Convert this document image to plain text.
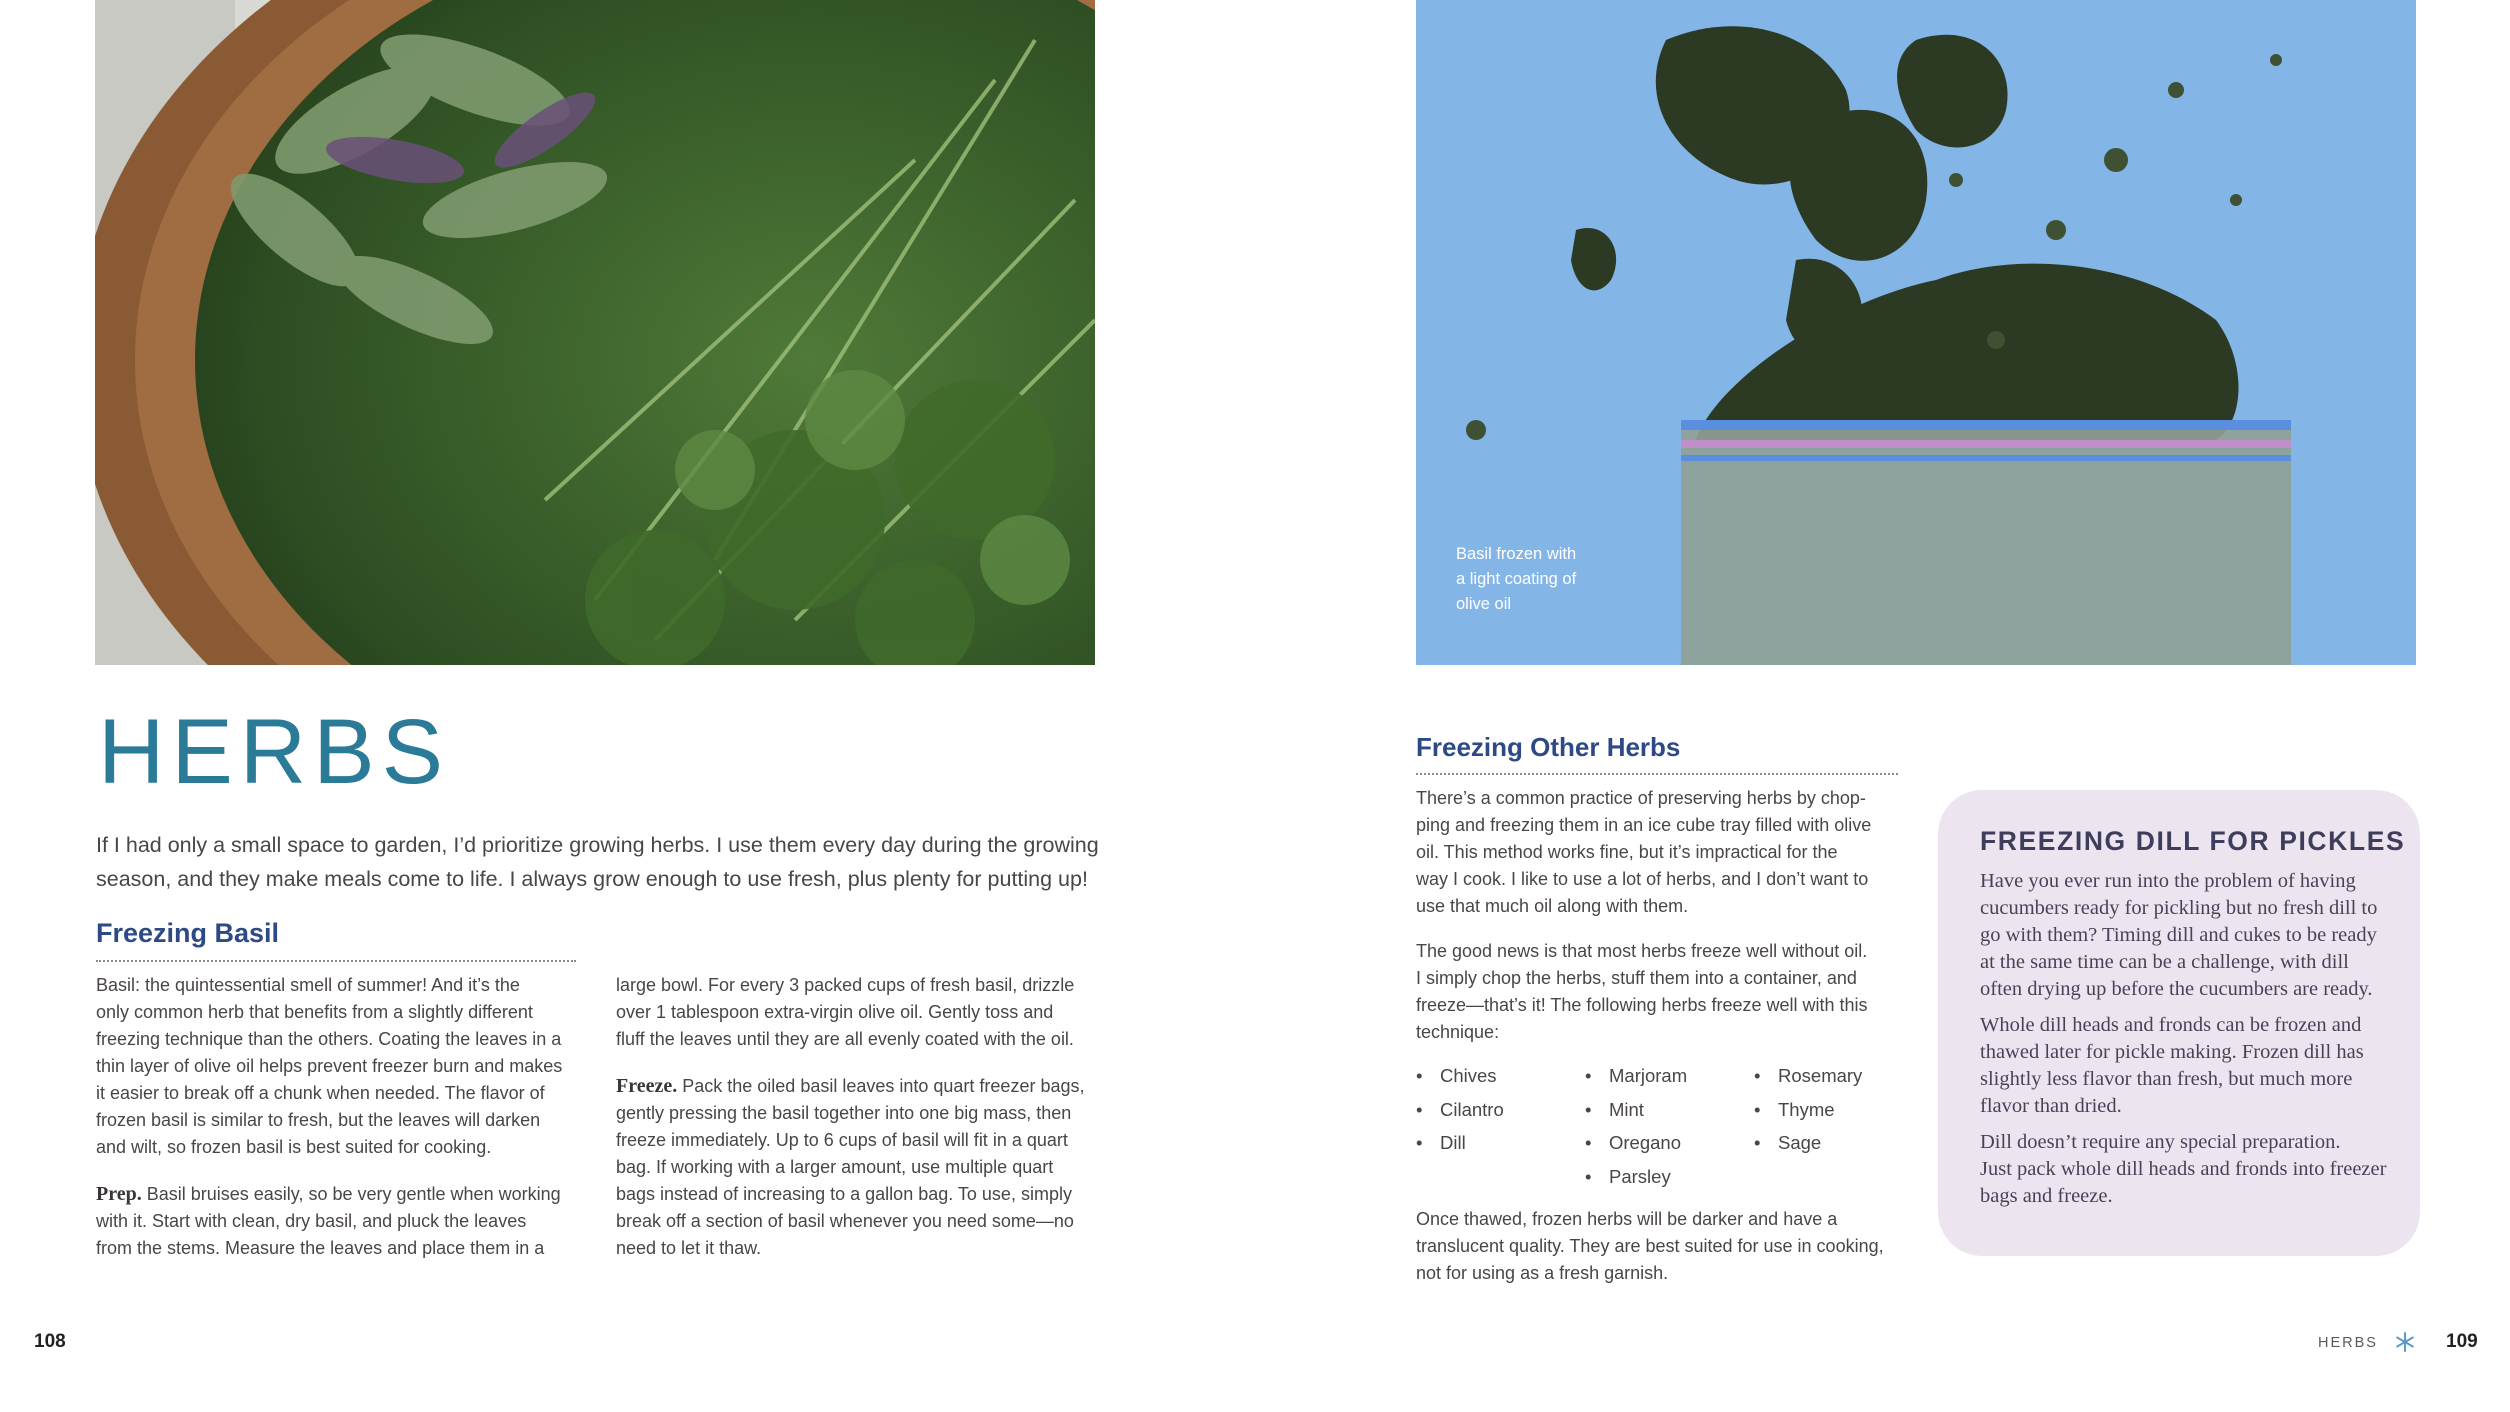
Basil frozen with
a light coating of
olive oil
HERBS
If I had only a small space to garden, I’d prioritize growing herbs. I use them every day during the growing
season, and they make meals come to life. I always grow enough to use fresh, plus plenty for putting up!
Freezing Basil
Basil: the quintessential smell of summer! And it’s the
only common herb that benefits from a slightly different
freezing technique than the others. Coating the leaves in a
thin layer of olive oil helps prevent freezer burn and makes
it easier to break off a chunk when needed. The flavor of
frozen basil is similar to fresh, but the leaves will darken
and wilt, so frozen basil is best suited for cooking.
Prep. Basil bruises easily, so be very gentle when working
with it. Start with clean, dry basil, and pluck the leaves
from the stems. Measure the leaves and place them in a
large bowl. For every 3 packed cups of fresh basil, drizzle
over 1 tablespoon extra-virgin olive oil. Gently toss and
fluff the leaves until they are all evenly coated with the oil.
Freeze. Pack the oiled basil leaves into quart freezer bags,
gently pressing the basil together into one big mass, then
freeze immediately. Up to 6 cups of basil will fit in a quart
bag. If working with a larger amount, use multiple quart
bags instead of increasing to a gallon bag. To use, simply
break off a section of basil whenever you need some—no
need to let it thaw.
Freezing Other Herbs
There’s a common practice of preserving herbs by chop-
ping and freezing them in an ice cube tray filled with olive
oil. This method works fine, but it’s impractical for the
way I cook. I like to use a lot of herbs, and I don’t want to
use that much oil along with them.
The good news is that most herbs freeze well without oil.
I simply chop the herbs, stuff them into a container, and
freeze—that’s it! The following herbs freeze well with this
technique:
• Chives
• Cilantro
• Dill
• Marjoram
• Mint
• Oregano
• Parsley
• Rosemary
• Thyme
• Sage
Once thawed, frozen herbs will be darker and have a
translucent quality. They are best suited for use in cooking,
not for using as a fresh garnish.
FREEZING DILL FOR PICKLES
Have you ever run into the problem of having
cucumbers ready for pickling but no fresh dill to
go with them? Timing dill and cukes to be ready
at the same time can be a challenge, with dill
often drying up before the cucumbers are ready.
Whole dill heads and fronds can be frozen and
thawed later for pickle making. Frozen dill has
slightly less flavor than fresh, but much more
flavor than dried.
Dill doesn’t require any special preparation.
Just pack whole dill heads and fronds into freezer
bags and freeze.
108	HERBS	109
